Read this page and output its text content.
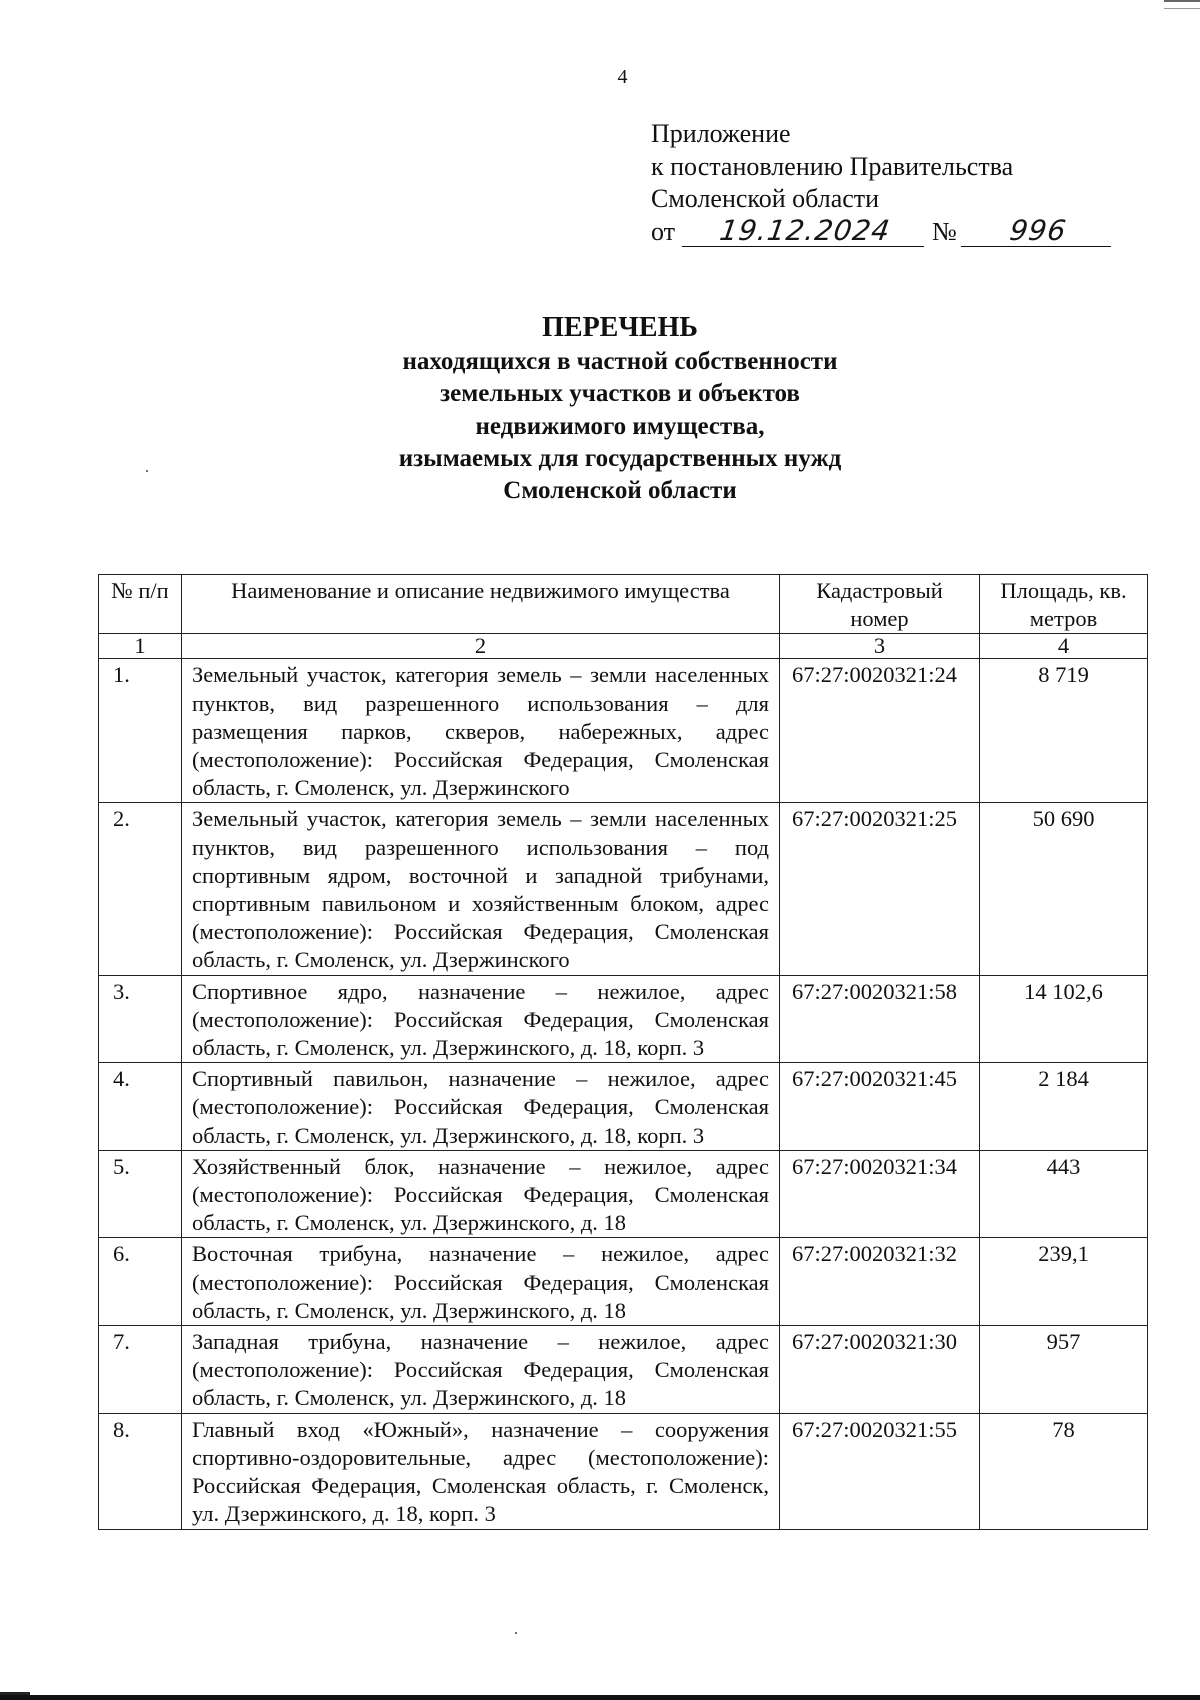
4
Приложение
к постановлению Правительства
Смоленской области
от 19.12.2024 № 996
ПЕРЕЧЕНЬ
находящихся в частной собственности
земельных участков и объектов
недвижимого имущества,
изымаемых для государственных нужд
Смоленской области
№ п/п	Наименование и описание недвижимого имущества	Кадастровый номер	Площадь, кв. метров
1	2	3	4
1.	Земельный участок, категория земель – земли населенных пунктов, вид разрешенного использования – для размещения парков, скверов, набережных, адрес (местоположение): Российская Федерация, Смоленская область, г. Смоленск, ул. Дзержинского	67:27:0020321:24	8 719
2.	Земельный участок, категория земель – земли населенных пунктов, вид разрешенного использования – под спортивным ядром, восточной и западной трибунами, спортивным павильоном и хозяйственным блоком, адрес (местоположение): Российская Федерация, Смоленская область, г. Смоленск, ул. Дзержинского	67:27:0020321:25	50 690
3.	Спортивное ядро, назначение – нежилое, адрес (местоположение): Российская Федерация, Смоленская область, г. Смоленск, ул. Дзержинского, д. 18, корп. 3	67:27:0020321:58	14 102,6
4.	Спортивный павильон, назначение – нежилое, адрес (местоположение): Российская Федерация, Смоленская область, г. Смоленск, ул. Дзержинского, д. 18, корп. 3	67:27:0020321:45	2 184
5.	Хозяйственный блок, назначение – нежилое, адрес (местоположение): Российская Федерация, Смоленская область, г. Смоленск, ул. Дзержинского, д. 18	67:27:0020321:34	443
6.	Восточная трибуна, назначение – нежилое, адрес (местоположение): Российская Федерация, Смоленская область, г. Смоленск, ул. Дзержинского, д. 18	67:27:0020321:32	239,1
7.	Западная трибуна, назначение – нежилое, адрес (местоположение): Российская Федерация, Смоленская область, г. Смоленск, ул. Дзержинского, д. 18	67:27:0020321:30	957
8.	Главный вход «Южный», назначение – сооружения спортивно-оздоровительные, адрес (местоположение): Российская Федерация, Смоленская область, г. Смоленск, ул. Дзержинского, д. 18, корп. 3	67:27:0020321:55	78
